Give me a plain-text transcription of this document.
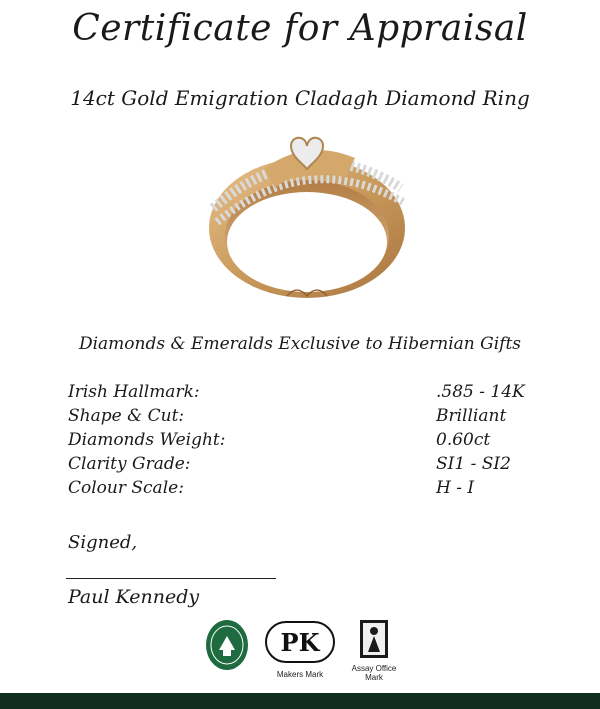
Certificate for Appraisal
14ct Gold Emigration Cladagh Diamond Ring
Diamonds & Emeralds Exclusive to Hibernian Gifts
Irish Hallmark:	.585 - 14K
Shape & Cut:	Brilliant
Diamonds Weight:	0.60ct
Clarity Grade:	SI1 - SI2
Colour Scale:	H - I
Signed,
Paul Kennedy
PK
Makers Mark
Assay Office
Mark
